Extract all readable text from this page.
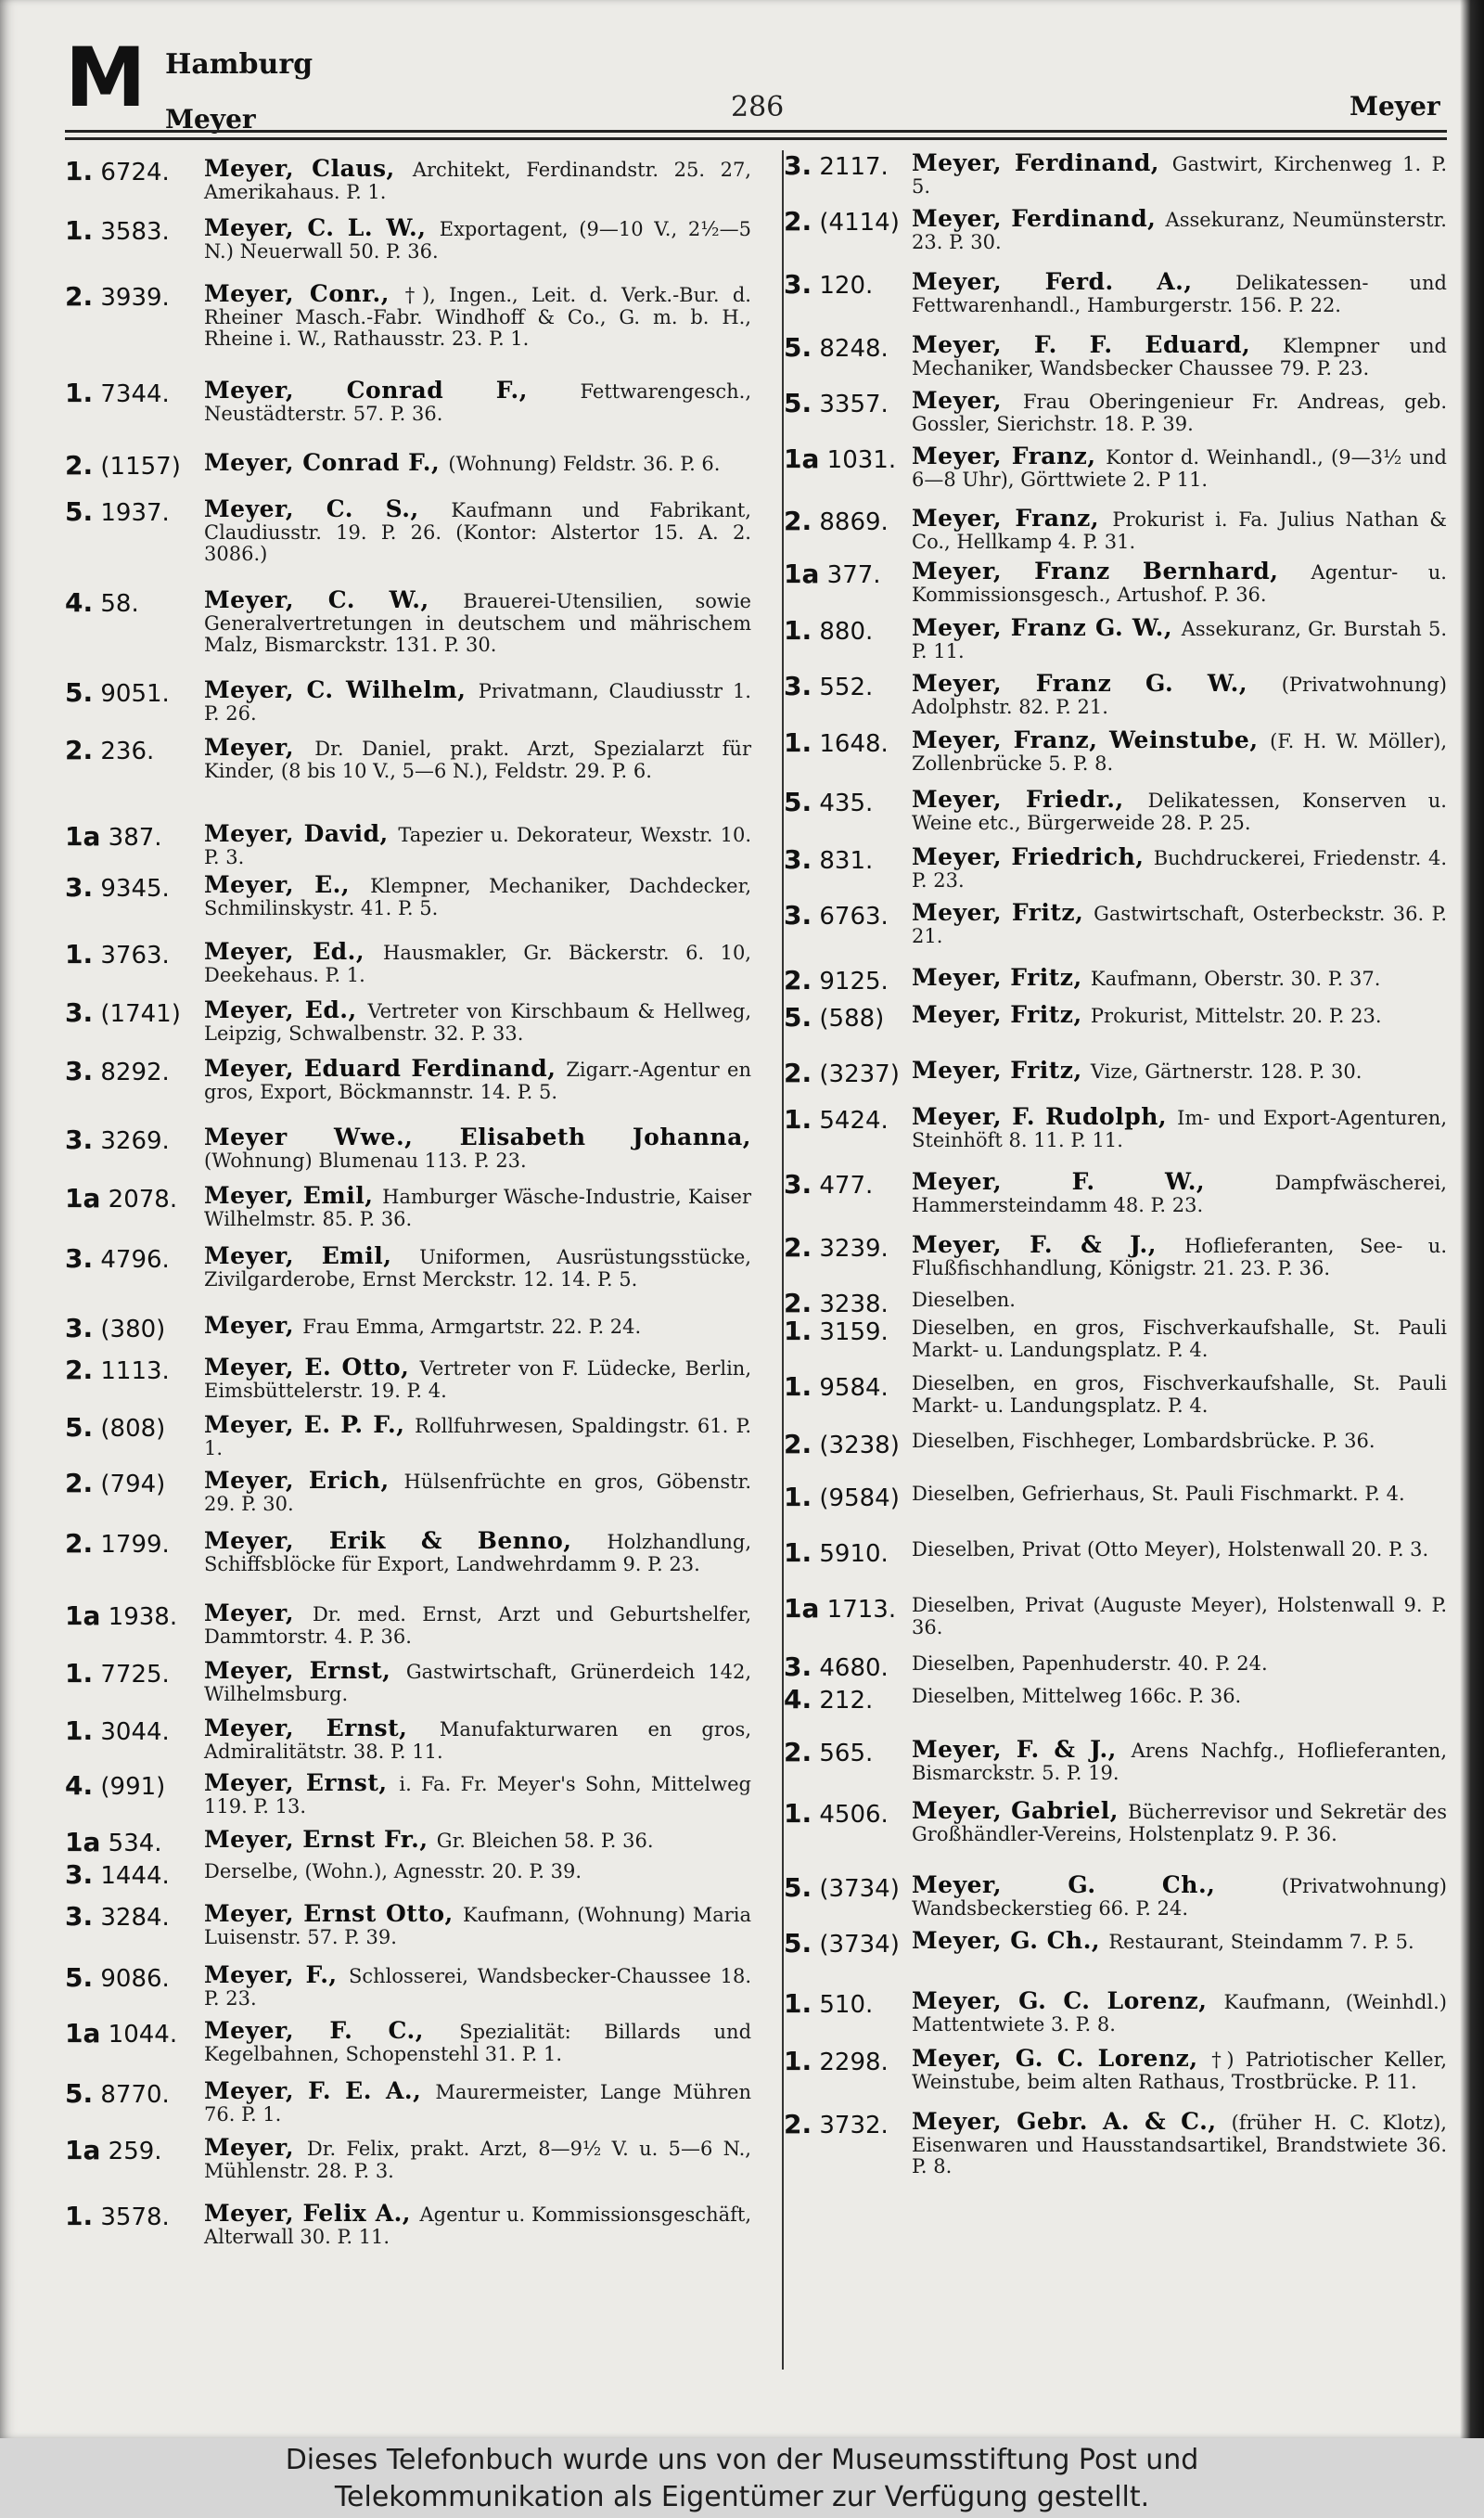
M Hamburg
Meyer	286	Meyer
1. 6724. Meyer, Claus, Architekt, Ferdinandstr. 25. 27, Amerikahaus. P. 1.
1. 3583. Meyer, C. L. W., Exportagent, (9—10 V., 2½—5 N.) Neuerwall 50. P. 36.
2. 3939. Meyer, Conr., †), Ingen., Leit. d. Verk.-Bur. d. Rheiner Masch.-Fabr. Windhoff & Co., G. m. b. H., Rheine i. W., Rathausstr. 23. P. 1.
1. 7344. Meyer, Conrad F., Fettwarengesch., Neustädterstr. 57. P. 36.
2. (1157) Meyer, Conrad F., (Wohnung) Feldstr. 36. P. 6.
5. 1937. Meyer, C. S., Kaufmann und Fabrikant, Claudiusstr. 19. P. 26. (Kontor: Alstertor 15. A. 2. 3086.)
4. 58.	Meyer, C. W., Brauerei-Utensilien, sowie Generalvertretungen in deutschem und mährischem Malz, Bismarckstr. 131. P. 30.
5. 9051. Meyer, C. Wilhelm, Privatmann, Claudiusstr 1. P. 26.
2. 236. Meyer, Dr. Daniel, prakt. Arzt, Spezialarzt für Kinder, (8 bis 10 V., 5—6 N.), Feldstr. 29. P. 6.
1a 387. Meyer, David, Tapezier u. Dekorateur, Wexstr. 10. P. 3.
3. 9345. Meyer, E., Klempner, Mechaniker, Dachdecker, Schmilinskystr. 41. P. 5.
1. 3763. Meyer, Ed., Hausmakler, Gr. Bäckerstr. 6. 10, Deekehaus. P. 1.
3. (1741) Meyer, Ed., Vertreter von Kirschbaum & Hellweg, Leipzig, Schwalbenstr. 32. P. 33.
3. 8292. Meyer, Eduard Ferdinand, Zigarr.-Agentur en gros, Export, Böckmannstr. 14. P. 5.
3. 3269. Meyer Wwe., Elisabeth Johanna, (Wohnung) Blumenau 113. P. 23.
1a 2078. Meyer, Emil, Hamburger Wäsche-Industrie, Kaiser Wilhelmstr. 85. P. 36.
3. 4796. Meyer, Emil, Uniformen, Ausrüstungsstücke, Zivilgarderobe, Ernst Merckstr. 12. 14. P. 5.
3. (380) Meyer, Frau Emma, Armgartstr. 22. P. 24.
2. 1113. Meyer, E. Otto, Vertreter von F. Lüdecke, Berlin, Eimsbüttelerstr. 19. P. 4.
5. (808) Meyer, E. P. F., Rollfuhrwesen, Spaldingstr. 61. P. 1.
2. (794) Meyer, Erich, Hülsenfrüchte en gros, Göbenstr. 29. P. 30.
2. 1799. Meyer, Erik & Benno, Holzhandlung, Schiffsblöcke für Export, Landwehrdamm 9. P. 23.
1a 1938. Meyer, Dr. med. Ernst, Arzt und Geburtshelfer, Dammtorstr. 4. P. 36.
1. 7725. Meyer, Ernst, Gastwirtschaft, Grünerdeich 142, Wilhelmsburg.
1. 3044. Meyer, Ernst, Manufakturwaren en gros, Admiralitätstr. 38. P. 11.
4. (991) Meyer, Ernst, i. Fa. Fr. Meyer's Sohn, Mittelweg 119. P. 13.
1a 534. Meyer, Ernst Fr., Gr. Bleichen 58. P. 36.
3. 1444. Derselbe, (Wohn.), Agnesstr. 20. P. 39.
3. 3284. Meyer, Ernst Otto, Kaufmann, (Wohnung) Maria Luisenstr. 57. P. 39.
5. 9086. Meyer, F., Schlosserei, Wandsbecker-Chaussee 18. P. 23.
1a 1044. Meyer, F. C., Spezialität: Billards und Kegelbahnen, Schopenstehl 31. P. 1.
5. 8770. Meyer, F. E. A., Maurermeister, Lange Mühren 76. P. 1.
1a 259. Meyer, Dr. Felix, prakt. Arzt, 8—9½ V. u. 5—6 N., Mühlenstr. 28. P. 3.
1. 3578. Meyer, Felix A., Agentur u. Kommissionsgeschäft, Alterwall 30. P. 11.
3. 2117. Meyer, Ferdinand, Gastwirt, Kirchenweg 1. P. 5.
2. (4114) Meyer, Ferdinand, Assekuranz, Neumünsterstr. 23. P. 30.
3. 120. Meyer, Ferd. A., Delikatessen- und Fettwarenhandl., Hamburgerstr. 156. P. 22.
5. 8248. Meyer, F. F. Eduard, Klempner und Mechaniker, Wandsbecker Chaussee 79. P. 23.
5. 3357. Meyer, Frau Oberingenieur Fr. Andreas, geb. Gossler, Sierichstr. 18. P. 39.
1a 1031. Meyer, Franz, Kontor d. Weinhandl., (9—3½ und 6—8 Uhr), Görttwiete 2. P 11.
2. 8869. Meyer, Franz, Prokurist i. Fa. Julius Nathan & Co., Hellkamp 4. P. 31.
1a 377. Meyer, Franz Bernhard, Agentur- u. Kommissionsgesch., Artushof. P. 36.
1. 880. Meyer, Franz G. W., Assekuranz, Gr. Burstah 5. P. 11.
3. 552. Meyer, Franz G. W., (Privatwohnung) Adolphstr. 82. P. 21.
1. 1648. Meyer, Franz, Weinstube, (F. H. W. Möller), Zollenbrücke 5. P. 8.
5. 435. Meyer, Friedr., Delikatessen, Konserven u. Weine etc., Bürgerweide 28. P. 25.
3. 831. Meyer, Friedrich, Buchdruckerei, Friedenstr. 4. P. 23.
3. 6763. Meyer, Fritz, Gastwirtschaft, Osterbeckstr. 36. P. 21.
2. 9125. Meyer, Fritz, Kaufmann, Oberstr. 30. P. 37.
5. (588) Meyer, Fritz, Prokurist, Mittelstr. 20. P. 23.
2. (3237) Meyer, Fritz, Vize, Gärtnerstr. 128. P. 30.
1. 5424. Meyer, F. Rudolph, Im- und Export-Agenturen, Steinhöft 8. 11. P. 11.
3. 477. Meyer, F. W., Dampfwäscherei, Hammersteindamm 48. P. 23.
2. 3239. Meyer, F. & J., Hoflieferanten, See- u. Flußfischhandlung, Königstr. 21. 23. P. 36.
2. 3238. Dieselben.
1. 3159. Dieselben, en gros, Fischverkaufshalle, St. Pauli Markt- u. Landungsplatz. P. 4.
1. 9584. Dieselben, en gros, Fischverkaufshalle, St. Pauli Markt- u. Landungsplatz. P. 4.
2. (3238) Dieselben, Fischheger, Lombardsbrücke. P. 36.
1. (9584) Dieselben, Gefrierhaus, St. Pauli Fischmarkt. P. 4.
1. 5910. Dieselben, Privat (Otto Meyer), Holstenwall 20. P. 3.
1a 1713. Dieselben, Privat (Auguste Meyer), Holstenwall 9. P. 36.
3. 4680. Dieselben, Papenhuderstr. 40. P. 24.
4. 212. Dieselben, Mittelweg 166c. P. 36.
2. 565. Meyer, F. & J., Arens Nachfg., Hoflieferanten, Bismarckstr. 5. P. 19.
1. 4506. Meyer, Gabriel, Bücherrevisor und Sekretär des Großhändler-Vereins, Holstenplatz 9. P. 36.
5. (3734) Meyer, G. Ch., (Privatwohnung) Wandsbeckerstieg 66. P. 24.
5. (3734) Meyer, G. Ch., Restaurant, Steindamm 7. P. 5.
1. 510. Meyer, G. C. Lorenz, Kaufmann, (Weinhdl.) Mattentwiete 3. P. 8.
1. 2298. Meyer, G. C. Lorenz, †) Patriotischer Keller, Weinstube, beim alten Rathaus, Trostbrücke. P. 11.
2. 3732. Meyer, Gebr. A. & C., (früher H. C. Klotz), Eisenwaren und Hausstandsartikel, Brandstwiete 36. P. 8.
Dieses Telefonbuch wurde uns von der Museumsstiftung Post und
Telekommunikation als Eigentümer zur Verfügung gestellt.
